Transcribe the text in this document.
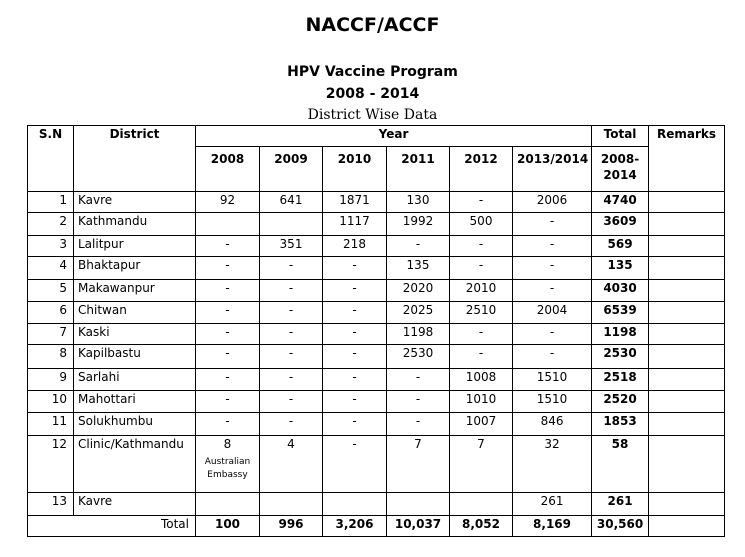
NACCF/ACCF
HPV Vaccine Program
2008 - 2014
District Wise Data
S.N	District	Year						Total	Remarks
		2008	2009	2010	2011	2012	2013/2014	2008-
2014	

1	Kavre	92	641	1871	130	-	2006	4740	
2	Kathmandu			1117	1992	500	-	3609	
3	Lalitpur	-	351	218	-	-	-	569	
4	Bhaktapur	-	-	-	135	-	-	135	
5	Makawanpur	-	-	-	2020	2010	-	4030	
6	Chitwan	-	-	-	2025	2510	2004	6539	
7	Kaski	-	-	-	1198	-	-	1198	
8	Kapilbastu	-	-	-	2530	-	-	2530	
9	Sarlahi	-	-	-	-	1008	1510	2518	
10	Mahottari	-	-	-	-	1010	1510	2520	
11	Solukhumbu	-	-	-	-	1007	846	1853	
12	Clinic/Kathmandu	8
Australian
Embassy	4	-	7	7	32	58	
13	Kavre						261	261	
Total		100	996	3,206	10,037	8,052	8,169	30,560	
